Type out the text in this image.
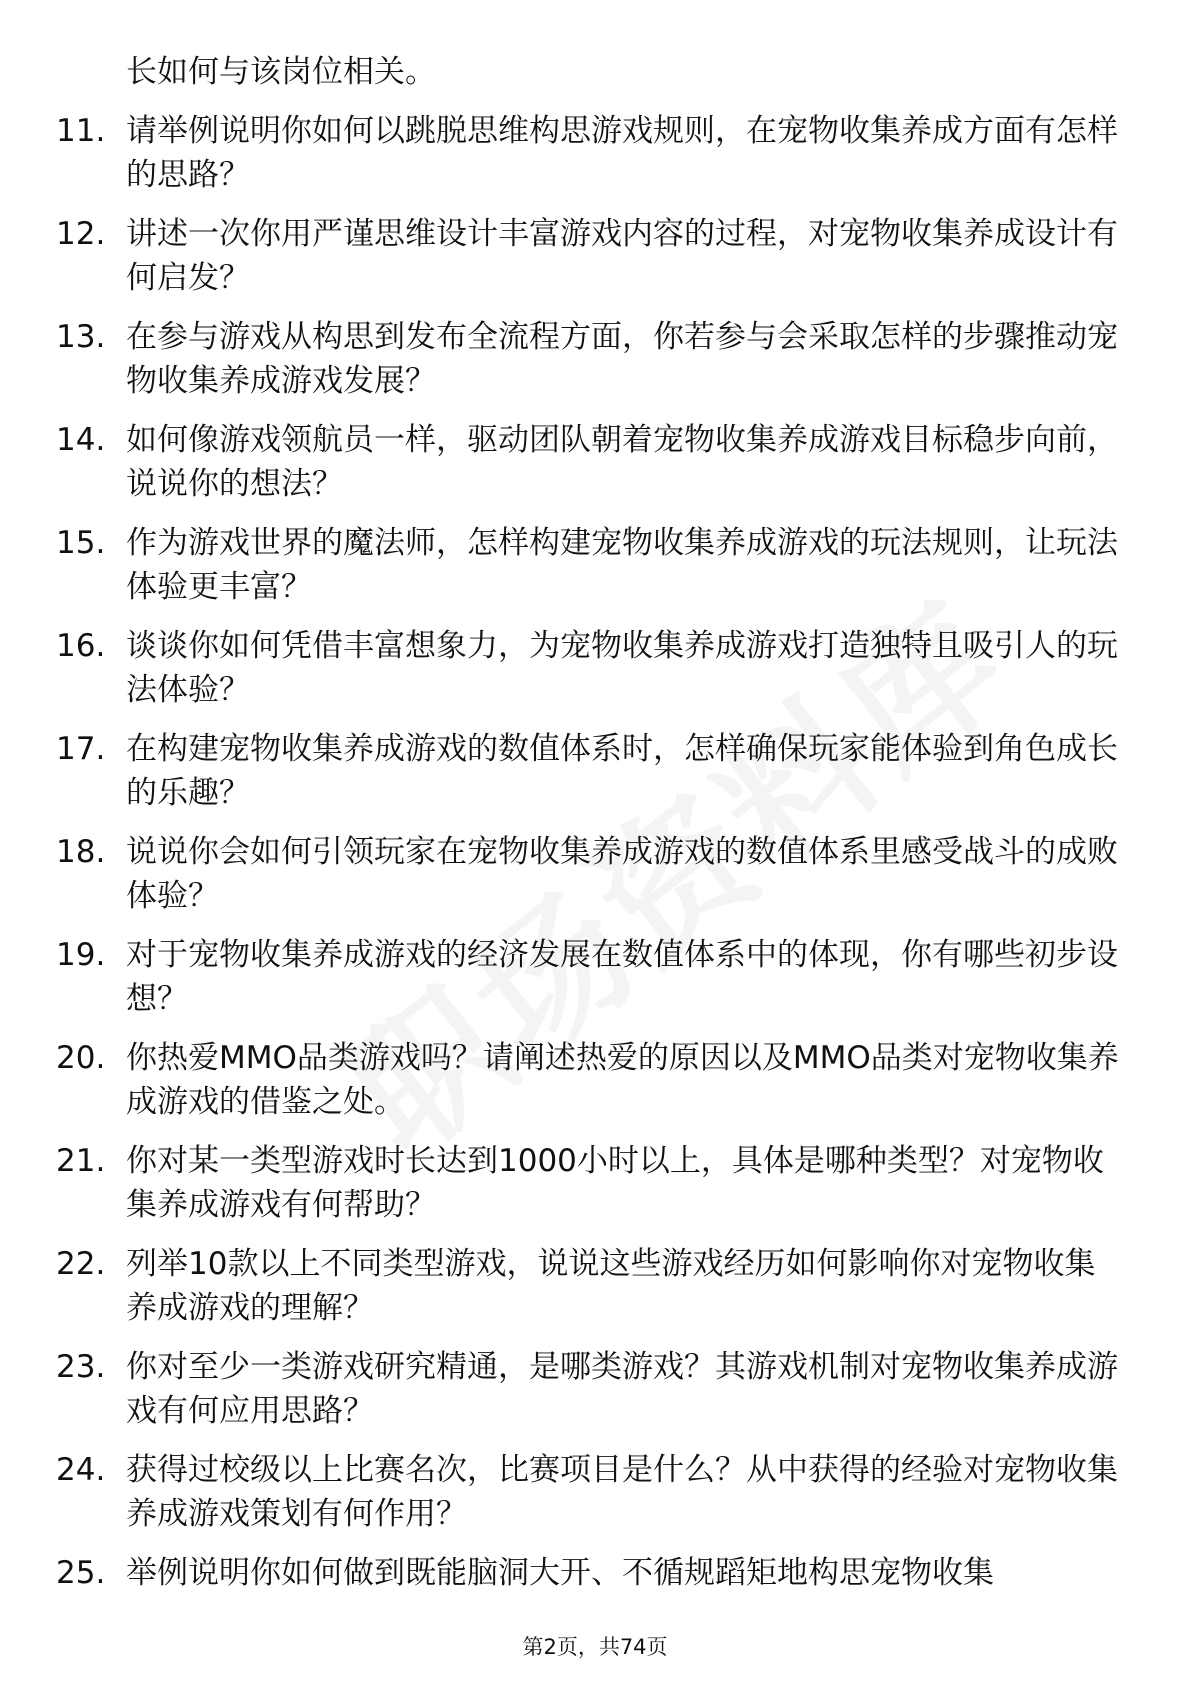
长如何与该岗位相关。
11. 请举例说明你如何以跳脱思维构思游戏规则，在宠物收集养成方面有怎样的思路？
12. 讲述一次你用严谨思维设计丰富游戏内容的过程，对宠物收集养成设计有何启发？
13. 在参与游戏从构思到发布全流程方面，你若参与会采取怎样的步骤推动宠物收集养成游戏发展？
14. 如何像游戏领航员一样，驱动团队朝着宠物收集养成游戏目标稳步向前，说说你的想法？
15. 作为游戏世界的魔法师，怎样构建宠物收集养成游戏的玩法规则，让玩法体验更丰富？
16. 谈谈你如何凭借丰富想象力，为宠物收集养成游戏打造独特且吸引人的玩法体验？
17. 在构建宠物收集养成游戏的数值体系时，怎样确保玩家能体验到角色成长的乐趣？
18. 说说你会如何引领玩家在宠物收集养成游戏的数值体系里感受战斗的成败体验？
19. 对于宠物收集养成游戏的经济发展在数值体系中的体现，你有哪些初步设想？
20. 你热爱MMO品类游戏吗？请阐述热爱的原因以及MMO品类对宠物收集养成游戏的借鉴之处。
21. 你对某一类型游戏时长达到1000小时以上，具体是哪种类型？对宠物收集养成游戏有何帮助？
22. 列举10款以上不同类型游戏，说说这些游戏经历如何影响你对宠物收集养成游戏的理解？
23. 你对至少一类游戏研究精通，是哪类游戏？其游戏机制对宠物收集养成游戏有何应用思路？
24. 获得过校级以上比赛名次，比赛项目是什么？从中获得的经验对宠物收集养成游戏策划有何作用？
25. 举例说明你如何做到既能脑洞大开、不循规蹈矩地构思宠物收集
第2页，共74页
